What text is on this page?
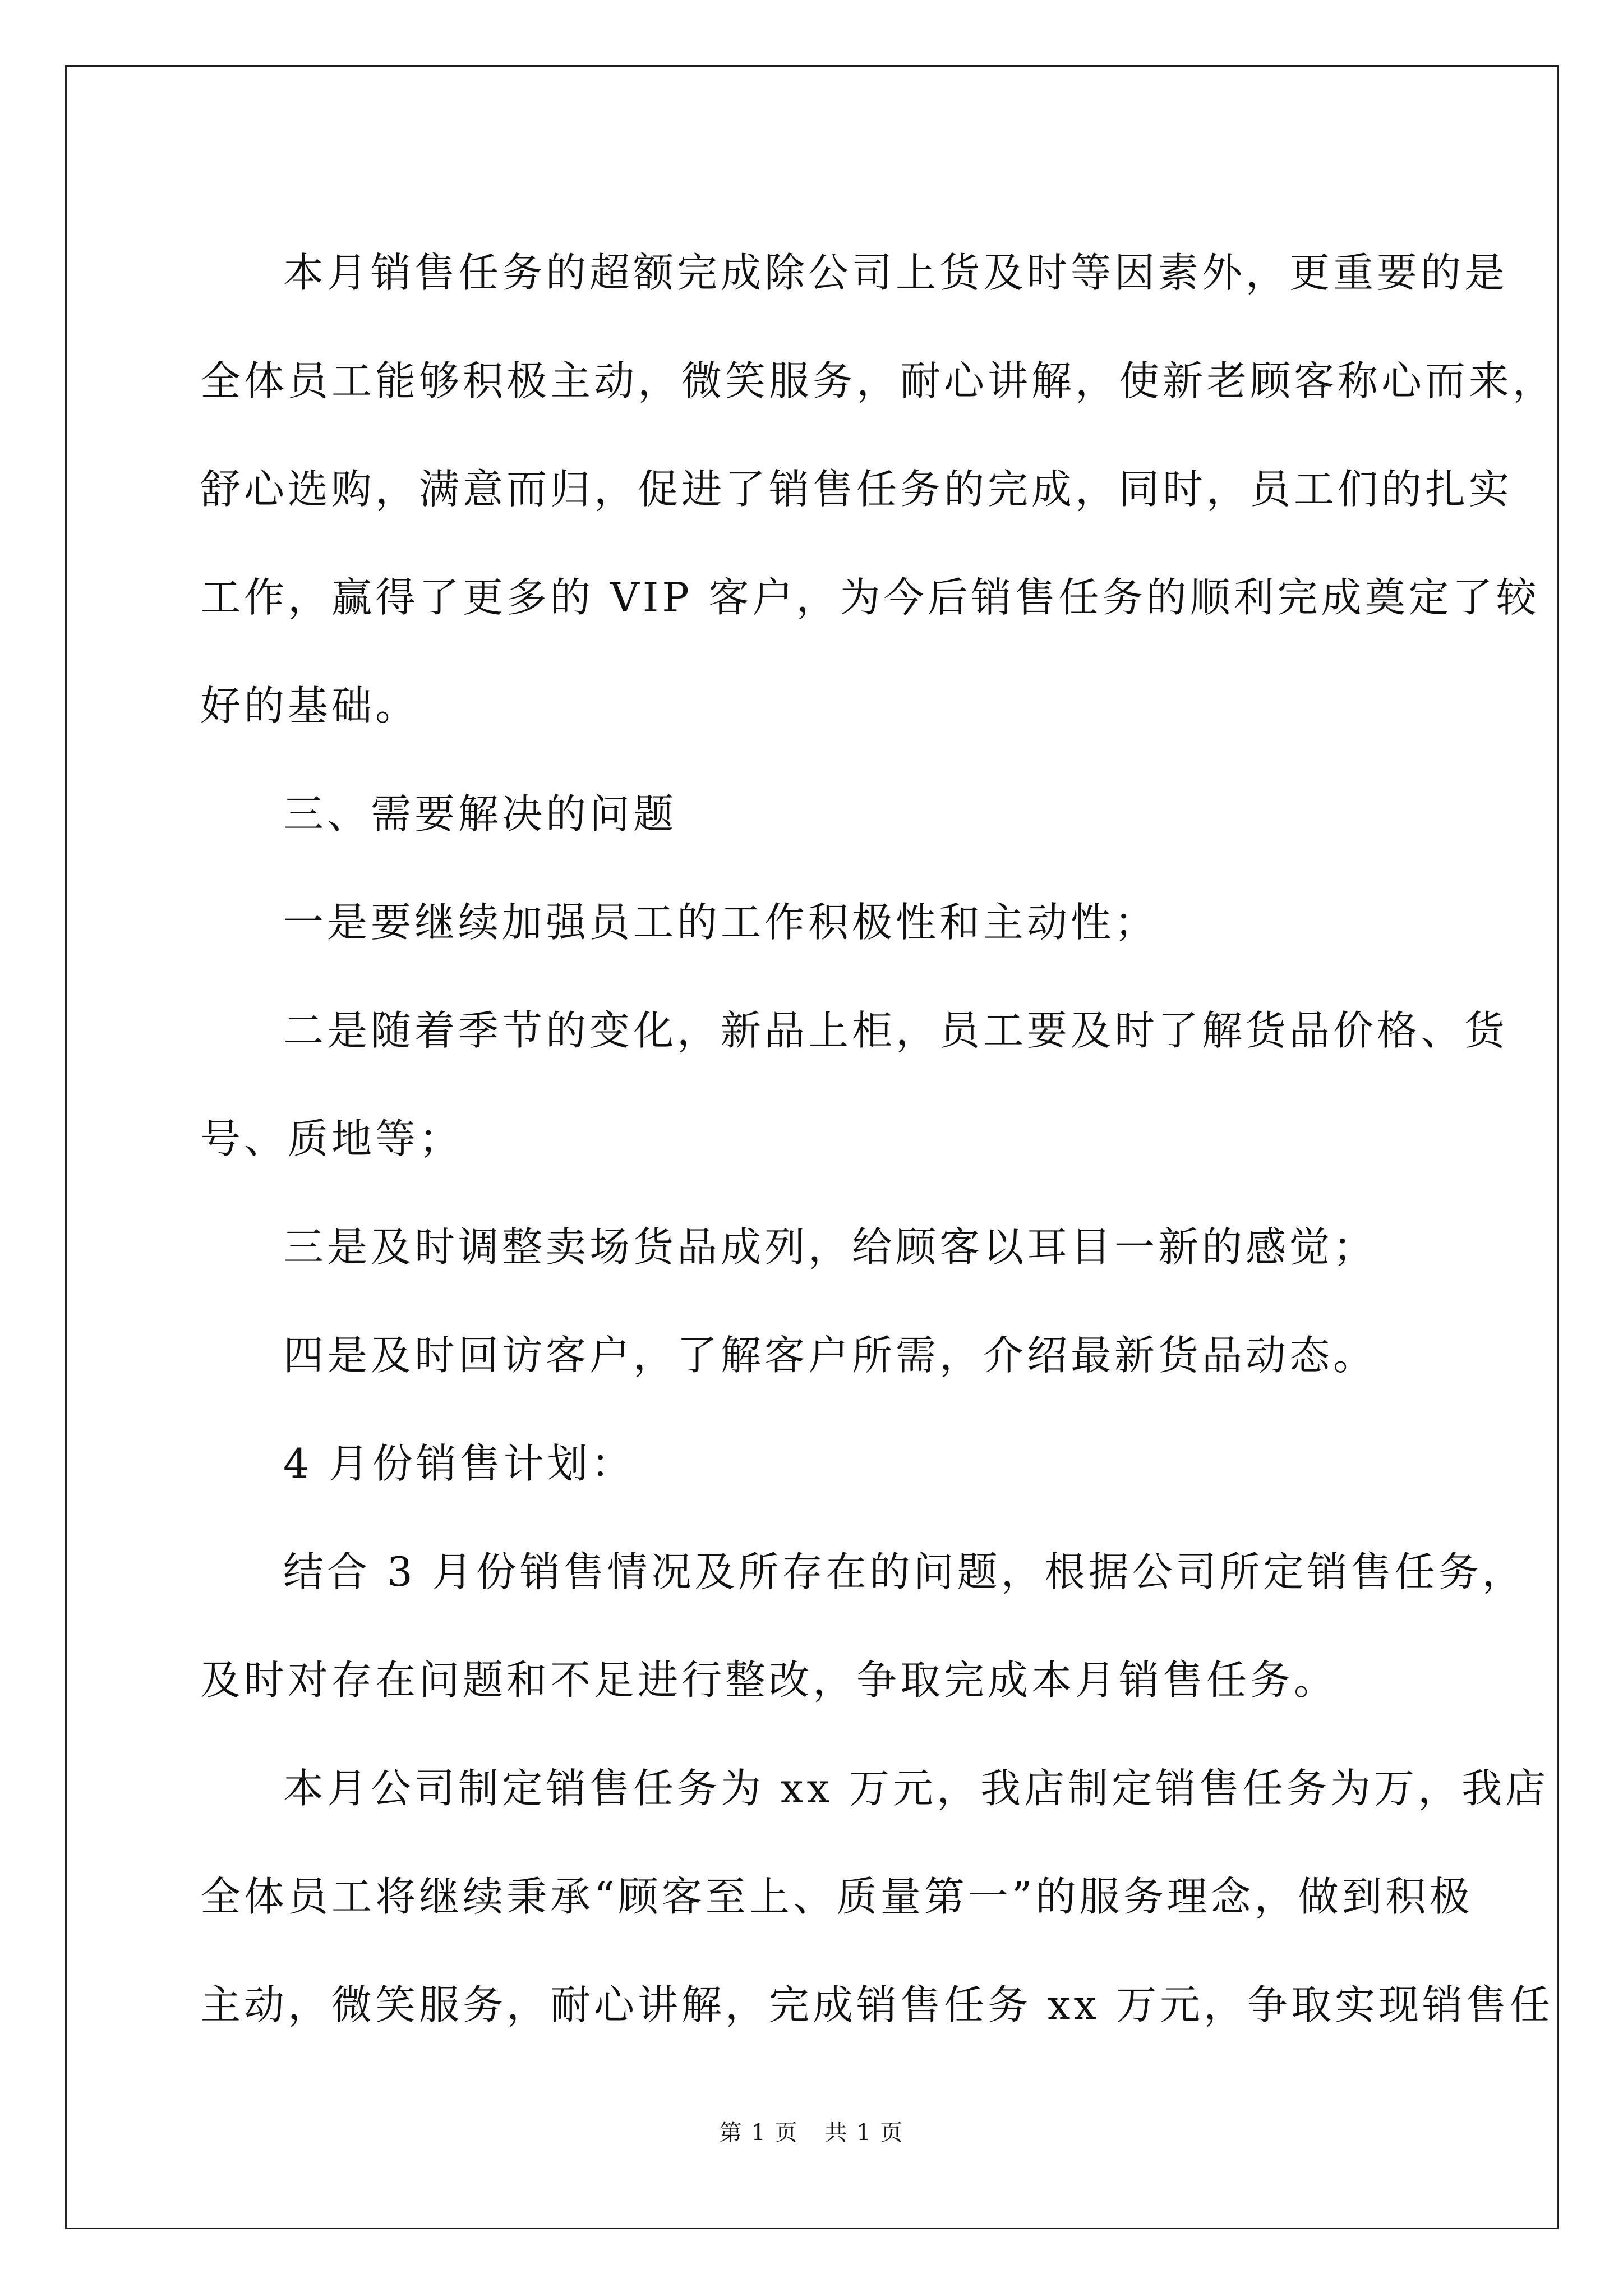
本月销售任务的超额完成除公司上货及时等因素外，更重要的是
全体员工能够积极主动，微笑服务，耐心讲解，使新老顾客称心而来，
舒心选购，满意而归，促进了销售任务的完成，同时，员工们的扎实
工作，赢得了更多的 VIP 客户，为今后销售任务的顺利完成奠定了较
好的基础。
三、需要解决的问题
一是要继续加强员工的工作积极性和主动性；
二是随着季节的变化，新品上柜，员工要及时了解货品价格、货
号、质地等；
三是及时调整卖场货品成列，给顾客以耳目一新的感觉；
四是及时回访客户，了解客户所需，介绍最新货品动态。
4 月份销售计划：
结合 3 月份销售情况及所存在的问题，根据公司所定销售任务，
及时对存在问题和不足进行整改，争取完成本月销售任务。
本月公司制定销售任务为 xx 万元，我店制定销售任务为万，我店
全体员工将继续秉承“顾客至上、质量第一”的服务理念，做到积极
主动，微笑服务，耐心讲解，完成销售任务 xx 万元，争取实现销售任
第 1 页 共 1 页
